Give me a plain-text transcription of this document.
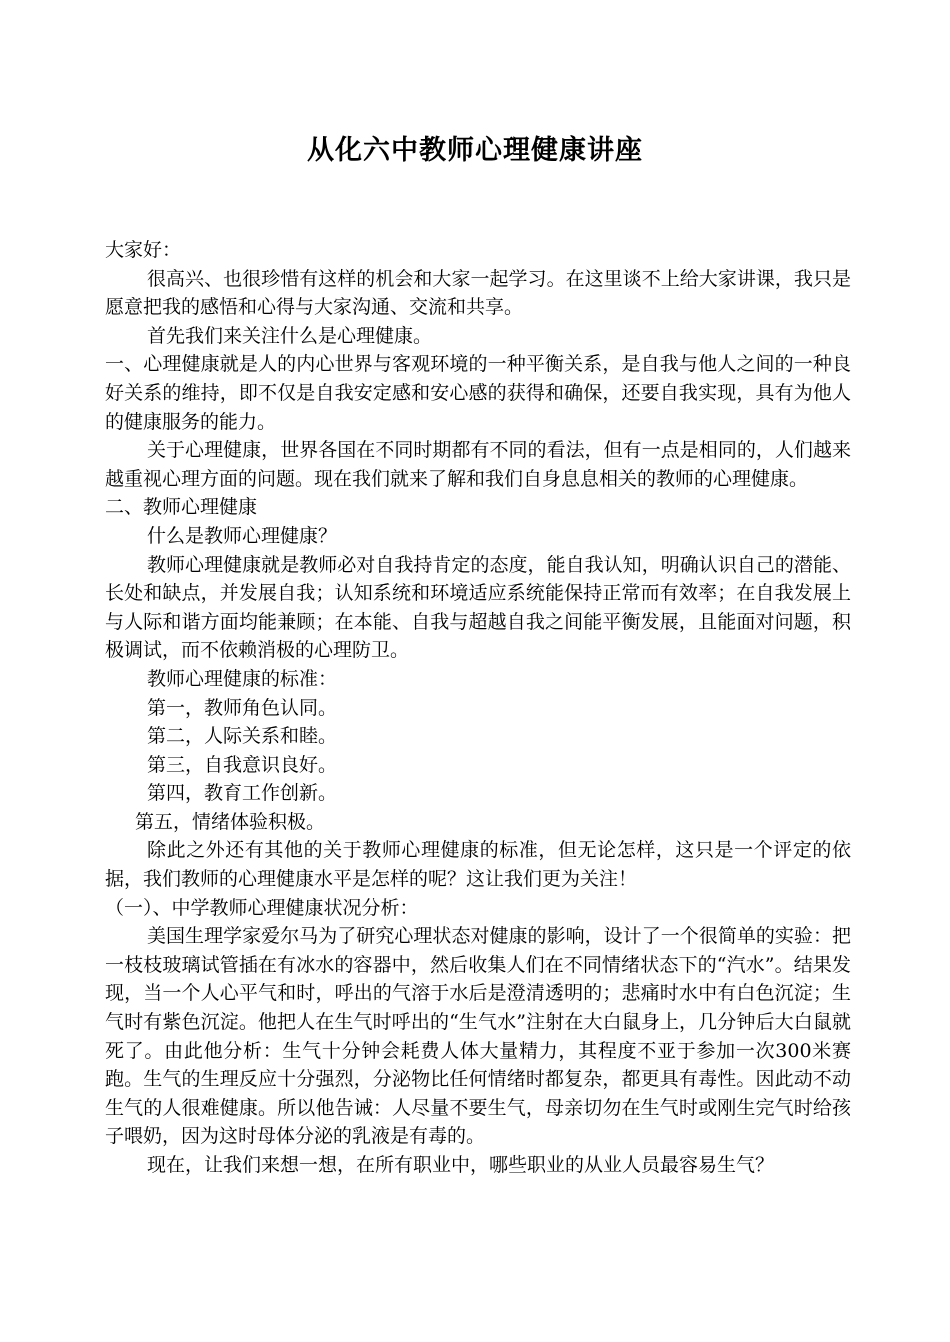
从化六中教师心理健康讲座

大家好：

很高兴、也很珍惜有这样的机会和大家一起学习。在这里谈不上给大家讲课，我只是愿意把我的感悟和心得与大家沟通、交流和共享。

首先我们来关注什么是心理健康。

一、心理健康就是人的内心世界与客观环境的一种平衡关系，是自我与他人之间的一种良好关系的维持，即不仅是自我安定感和安心感的获得和确保，还要自我实现，具有为他人的健康服务的能力。

关于心理健康，世界各国在不同时期都有不同的看法，但有一点是相同的，人们越来越重视心理方面的问题。现在我们就来了解和我们自身息息相关的教师的心理健康。

二、教师心理健康

什么是教师心理健康？

教师心理健康就是教师必对自我持肯定的态度，能自我认知，明确认识自己的潜能、长处和缺点，并发展自我；认知系统和环境适应系统能保持正常而有效率；在自我发展上与人际和谐方面均能兼顾；在本能、自我与超越自我之间能平衡发展，且能面对问题，积极调试，而不依赖消极的心理防卫。

教师心理健康的标准：

第一，教师角色认同。

第二，人际关系和睦。

第三，自我意识良好。

第四，教育工作创新。

第五，情绪体验积极。

除此之外还有其他的关于教师心理健康的标准，但无论怎样，这只是一个评定的依据，我们教师的心理健康水平是怎样的呢？这让我们更为关注！

（一）、中学教师心理健康状况分析：

美国生理学家爱尔马为了研究心理状态对健康的影响，设计了一个很简单的实验：把一枝枝玻璃试管插在有冰水的容器中，然后收集人们在不同情绪状态下的“汽水”。结果发现，当一个人心平气和时，呼出的气溶于水后是澄清透明的；悲痛时水中有白色沉淀；生气时有紫色沉淀。他把人在生气时呼出的“生气水”注射在大白鼠身上，几分钟后大白鼠就死了。由此他分析：生气十分钟会耗费人体大量精力，其程度不亚于参加一次300米赛跑。生气的生理反应十分强烈，分泌物比任何情绪时都复杂，都更具有毒性。因此动不动生气的人很难健康。所以他告诫：人尽量不要生气，母亲切勿在生气时或刚生完气时给孩子喂奶，因为这时母体分泌的乳液是有毒的。

现在，让我们来想一想，在所有职业中，哪些职业的从业人员最容易生气？
